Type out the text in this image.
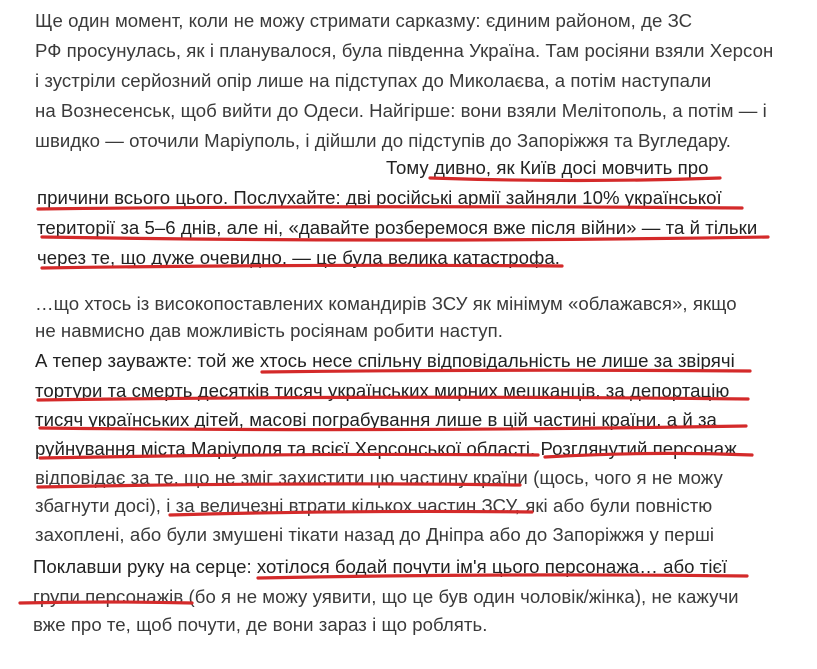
Ще один момент, коли не можу стримати сарказму: єдиним районом, де ЗС
РФ просунулась, як і планувалося, була південна Україна. Там росіяни взяли Херсон
і зустріли серйозний опір лише на підступах до Миколаєва, а потім наступали
на Вознесенськ, щоб вийти до Одеси. Найгірше: вони взяли Мелітополь, а потім — і
швидко — оточили Маріуполь, і дійшли до підступів до Запоріжжя та Вугледару.
Тому дивно, як Київ досі мовчить про
причини всього цього. Послухайте: дві російські армії зайняли 10% української
території за 5–6 днів, але ні, «давайте розберемося вже після війни» — та й тільки
через те, що дуже очевидно, — це була велика катастрофа.
…що хтось із високопоставлених командирів ЗСУ як мінімум «облажався», якщо
не навмисно дав можливість росіянам робити наступ.
А тепер зауважте: той же хтось несе спільну відповідальність не лише за звірячі
тортури та смерть десятків тисяч українських мирних мешканців, за депортацію
тисяч українських дітей, масові пограбування лише в цій частині країни, а й за
руйнування міста Маріуполя та всієї Херсонської області. Розглянутий персонаж
відповідає за те, що не зміг захистити цю частину країни (щось, чого я не можу
збагнути досі), і за величезні втрати кількох частин ЗСУ, які або були повністю
захоплені, або були змушені тікати назад до Дніпра або до Запоріжжя у перші
Поклавши руку на серце: хотілося бодай почути ім'я цього персонажа… або тієї
групи персонажів (бо я не можу уявити, що це був один чоловік/жінка), не кажучи
вже про те, щоб почути, де вони зараз і що роблять.
